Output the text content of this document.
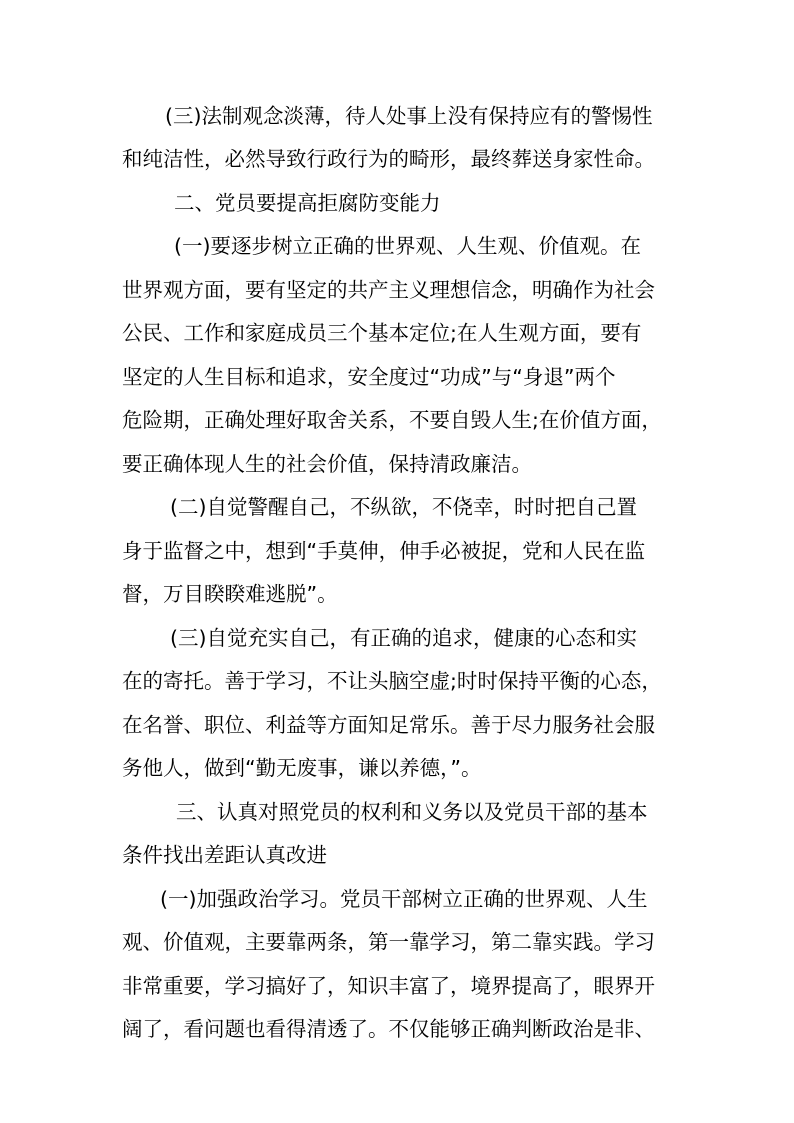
(三)法制观念淡薄，待人处事上没有保持应有的警惕性

和纯洁性，必然导致行政行为的畸形，最终葬送身家性命。

二、党员要提高拒腐防变能力

(一)要逐步树立正确的世界观、人生观、价值观。在

世界观方面，要有坚定的共产主义理想信念，明确作为社会

公民、工作和家庭成员三个基本定位;在人生观方面，要有

坚定的人生目标和追求，安全度过“功成”与“身退”两个

危险期，正确处理好取舍关系，不要自毁人生;在价值方面，

要正确体现人生的社会价值，保持清政廉洁。

(二)自觉警醒自己，不纵欲，不侥幸，时时把自己置

身于监督之中，想到“手莫伸，伸手必被捉，党和人民在监

督，万目睽睽难逃脱”。

(三)自觉充实自己，有正确的追求，健康的心态和实

在的寄托。善于学习，不让头脑空虚;时时保持平衡的心态，

在名誉、职位、利益等方面知足常乐。善于尽力服务社会服

务他人，做到“勤无废事，谦以养德，”。

三、认真对照党员的权利和义务以及党员干部的基本

条件找出差距认真改进

(一)加强政治学习。党员干部树立正确的世界观、人生

观、价值观，主要靠两条，第一靠学习，第二靠实践。学习

非常重要，学习搞好了，知识丰富了，境界提高了，眼界开

阔了，看问题也看得清透了。不仅能够正确判断政治是非、
